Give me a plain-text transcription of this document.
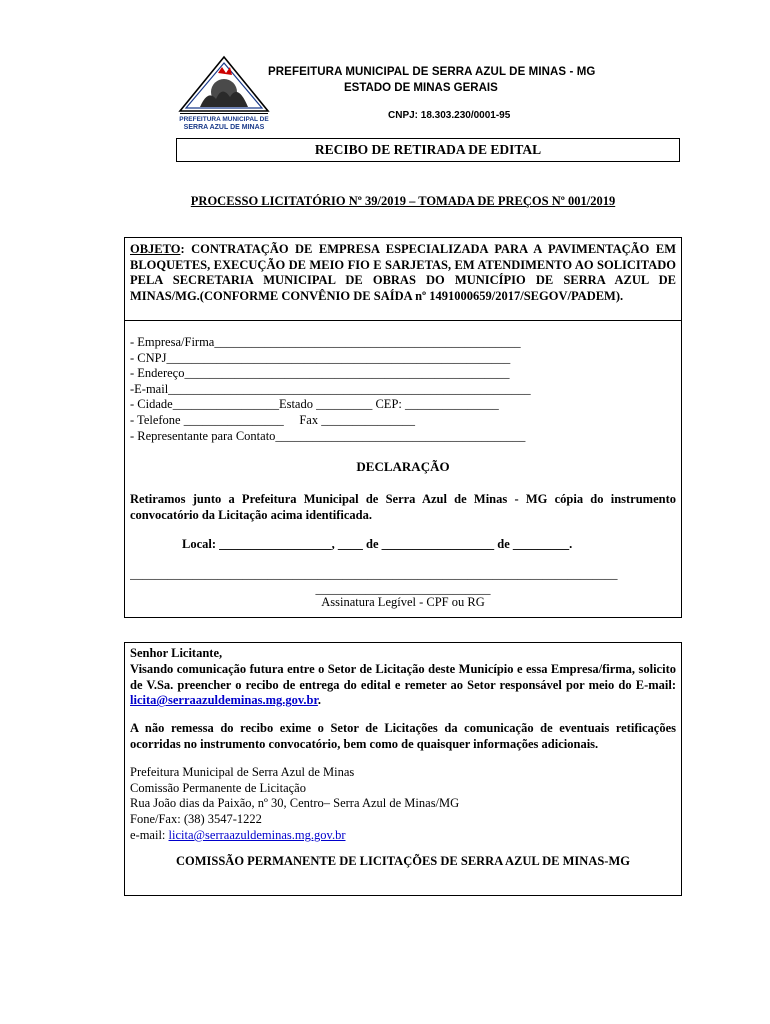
PREFEITURA MUNICIPAL DE
SERRA AZUL DE MINAS
PREFEITURA MUNICIPAL DE SERRA AZUL DE MINAS - MG
ESTADO DE MINAS GERAIS
CNPJ: 18.303.230/0001-95
RECIBO DE RETIRADA DE EDITAL
PROCESSO LICITATÓRIO Nº 39/2019 – TOMADA DE PREÇOS Nº 001/2019
OBJETO: CONTRATAÇÃO DE EMPRESA ESPECIALIZADA PARA A PAVIMENTAÇÃO EM BLOQUETES, EXECUÇÃO DE MEIO FIO E SARJETAS, EM ATENDIMENTO AO SOLICITADO PELA SECRETARIA MUNICIPAL DE OBRAS DO MUNICÍPIO DE SERRA AZUL DE MINAS/MG.(CONFORME CONVÊNIO DE SAÍDA nº 1491000659/2017/SEGOV/PADEM).
- Empresa/Firma_________________________________________________
- CNPJ_______________________________________________________
- Endereço____________________________________________________
-E-mail__________________________________________________________
- Cidade_________________Estado _________ CEP: _______________
- Telefone ________________     Fax _______________
- Representante para Contato________________________________________
DECLARAÇÃO
Retiramos junto a Prefeitura Municipal de Serra Azul de Minas - MG cópia do instrumento convocatório da Licitação acima identificada.
Local: __________________, ____ de __________________ de _________.
______________________________________________________________________________
____________________________
Assinatura Legível - CPF ou RG
Senhor Licitante,
Visando comunicação futura entre o Setor de Licitação deste Município e essa Empresa/firma, solicito de V.Sa. preencher o recibo de entrega do edital e remeter ao Setor responsável por meio do E-mail: licita@serraazuldeminas.mg.gov.br.
A não remessa do recibo exime o Setor de Licitações da comunicação de eventuais retificações ocorridas no instrumento convocatório, bem como de quaisquer informações adicionais.
Prefeitura Municipal de Serra Azul de Minas
Comissão Permanente de Licitação
Rua João dias da Paixão, nº 30, Centro– Serra Azul de Minas/MG
Fone/Fax: (38) 3547-1222
e-mail: licita@serraazuldeminas.mg.gov.br
COMISSÃO PERMANENTE DE LICITAÇÕES DE SERRA AZUL DE MINAS-MG
